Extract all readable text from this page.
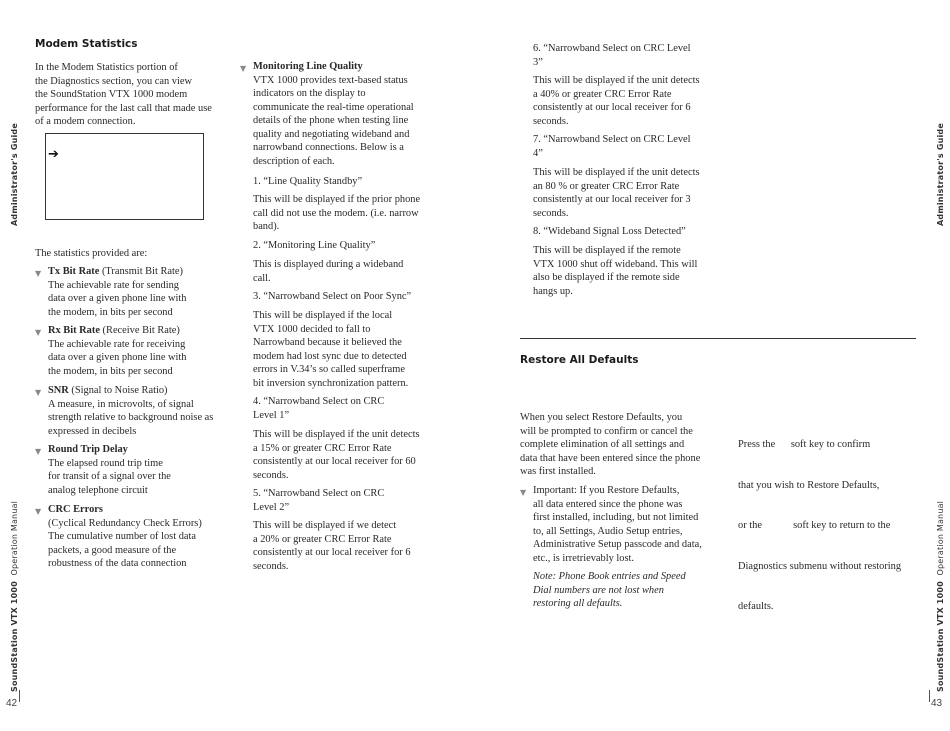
Administrator's Guide
SoundStation VTX 1000  Operation Manual
42
Administrator's Guide
SoundStation VTX 1000  Operation Manual
43
Modem Statistics

In the Modem Statistics portion of

the Diagnostics section, you can view

the SoundStation VTX 1000 modem

performance for the last call that made use

of a modem connection.

➔

The statistics provided are:

▼ Tx Bit Rate (Transmit Bit Rate)

The achievable rate for sending

data over a given phone line with

the modem, in bits per second

▼ Rx Bit Rate (Receive Bit Rate)

The achievable rate for receiving

data over a given phone line with

the modem, in bits per second

▼ SNR (Signal to Noise Ratio)

A measure, in microvolts, of signal

strength relative to background noise as

expressed in decibels

▼ Round Trip Delay

The elapsed round trip time

for transit of a signal over the

analog telephone circuit

▼ CRC Errors

(Cyclical Redundancy Check Errors)

The cumulative number of lost data

packets, a good measure of the

robustness of the data connection

▼ Monitoring Line Quality

VTX 1000 provides text-based status

indicators on the display to

communicate the real-time operational

details of the phone when testing line

quality and negotiating wideband and

narrowband connections. Below is a

description of each.

1. “Line Quality Standby”

This will be displayed if the prior phone

call did not use the modem. (i.e. narrow

band).

2. “Monitoring Line Quality”

This is displayed during a wideband

call.

3. “Narrowband Select on Poor Sync”

This will be displayed if the local

VTX 1000 decided to fall to

Narrowband because it believed the

modem had lost sync due to detected

errors in V.34’s so called superframe

bit inversion synchronization pattern.

4. “Narrowband Select on CRC

Level 1”

This will be displayed if the unit detects

a 15% or greater CRC Error Rate

consistently at our local receiver for 60

seconds.

5. “Narrowband Select on CRC

Level 2”

This will be displayed if we detect

a 20% or greater CRC Error Rate

consistently at our local receiver for 6

seconds.

6. “Narrowband Select on CRC Level

3”

This will be displayed if the unit detects

a 40% or greater CRC Error Rate

consistently at our local receiver for 6

seconds.

7. “Narrowband Select on CRC Level

4”

This will be displayed if the unit detects

an 80 % or greater CRC Error Rate

consistently at our local receiver for 3

seconds.

8. “Wideband Signal Loss Detected”

This will be displayed if the remote

VTX 1000 shut off wideband. This will

also be displayed if the remote side

hangs up.

Restore All Defaults

When you select Restore Defaults, you

will be prompted to confirm or cancel the

complete elimination of all settings and

data that have been entered since the phone

was first installed.

▼ Important: If you Restore Defaults,

all data entered since the phone was

first installed, including, but not limited

to, all Settings, Audio Setup entries,

Administrative Setup passcode and data,

etc., is irretrievably lost.

Note: Phone Book entries and Speed

Dial numbers are not lost when

restoring all defaults.

Press the      soft key to confirm

that you wish to Restore Defaults,

or the            soft key to return to the

Diagnostics submenu without restoring

defaults.
